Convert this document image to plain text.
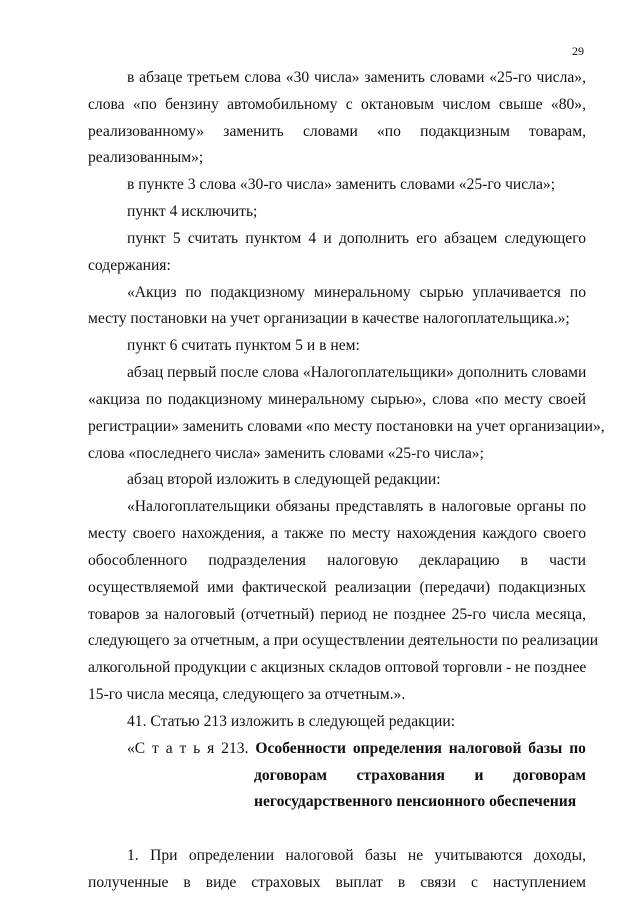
29
в абзаце третьем слова «30 числа» заменить словами «25-го числа»,
слова «по бензину автомобильному с октановым числом свыше «80»,
реализованному» заменить словами «по подакцизным товарам,
реализованным»;
в пункте 3 слова «30-го числа» заменить словами «25-го числа»;
пункт 4 исключить;
пункт 5 считать пунктом 4 и дополнить его абзацем следующего
содержания:
«Акциз по подакцизному минеральному сырью уплачивается по
месту постановки на учет организации в качестве налогоплательщика.»;
пункт 6 считать пунктом 5 и в нем:
абзац первый после слова «Налогоплательщики» дополнить словами
«акциза по подакцизному минеральному сырью», слова «по месту своей
регистрации» заменить словами «по месту постановки на учет организации»,
слова «последнего числа» заменить словами «25-го числа»;
абзац второй изложить в следующей редакции:
«Налогоплательщики обязаны представлять в налоговые органы по
месту своего нахождения, а также по месту нахождения каждого своего
обособленного подразделения налоговую декларацию в части
осуществляемой ими фактической реализации (передачи) подакцизных
товаров за налоговый (отчетный) период не позднее 25-го числа месяца,
следующего за отчетным, а при осуществлении деятельности по реализации
алкогольной продукции с акцизных складов оптовой торговли - не позднее
15-го числа месяца, следующего за отчетным.».
41. Статью 213 изложить в следующей редакции:
«С т а т ь я 213. Особенности определения налоговой базы по
договорам страхования и договорам
негосударственного пенсионного обеспечения
1. При определении налоговой базы не учитываются доходы,
полученные в виде страховых выплат в связи с наступлением
